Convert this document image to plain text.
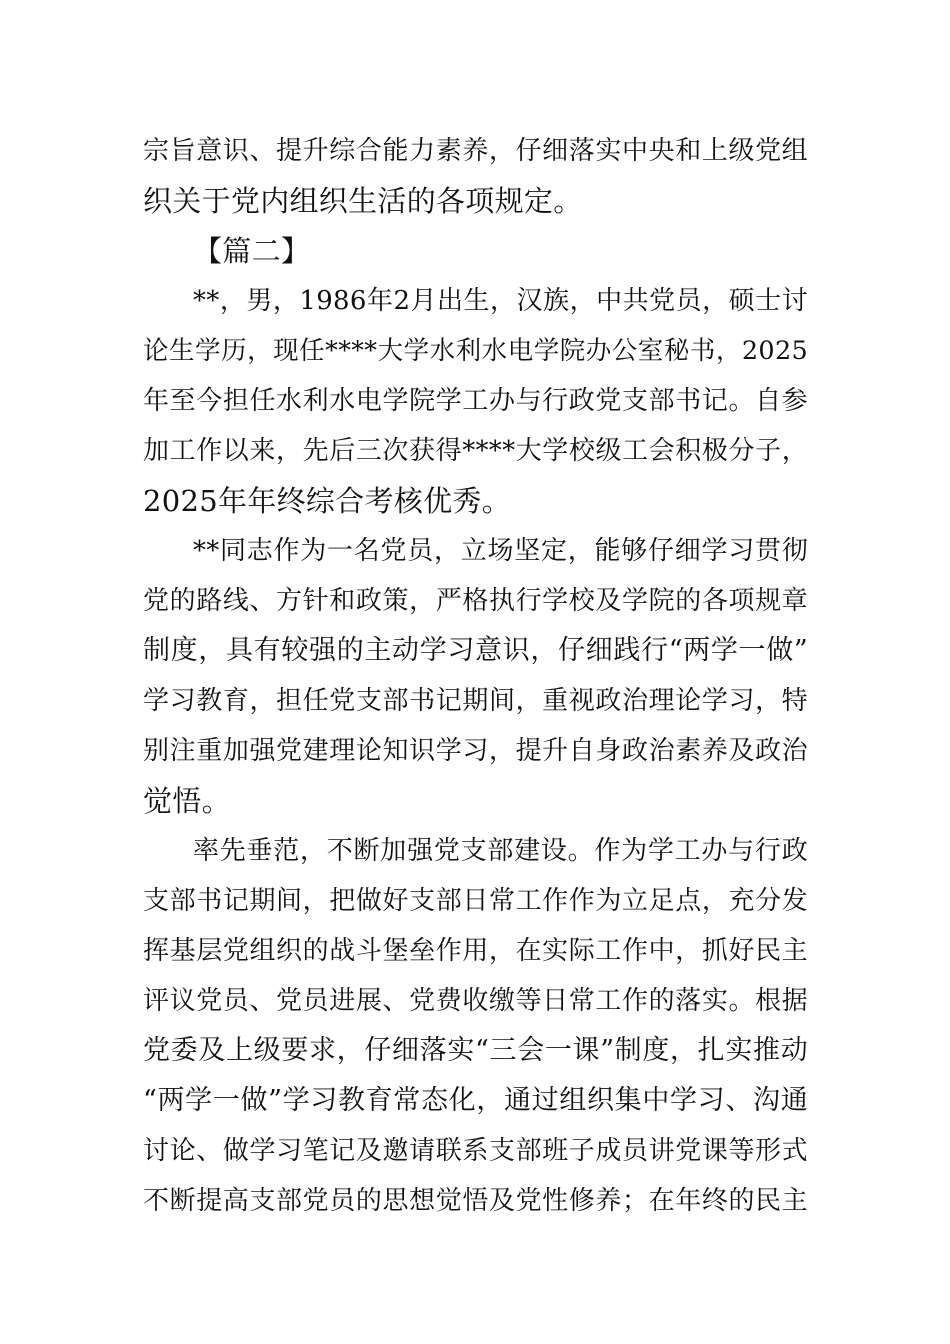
宗旨意识、提升综合能力素养，仔细落实中央和上级党组
织关于党内组织生活的各项规定。
【篇二】
**，男，1986年2月出生，汉族，中共党员，硕士讨
论生学历，现任****大学水利水电学院办公室秘书，2025
年至今担任水利水电学院学工办与行政党支部书记。自参
加工作以来，先后三次获得****大学校级工会积极分子，
2025年年终综合考核优秀。
**同志作为一名党员，立场坚定，能够仔细学习贯彻
党的路线、方针和政策，严格执行学校及学院的各项规章
制度，具有较强的主动学习意识，仔细践行“两学一做”
学习教育，担任党支部书记期间，重视政治理论学习，特
别注重加强党建理论知识学习，提升自身政治素养及政治
觉悟。
率先垂范，不断加强党支部建设。作为学工办与行政
支部书记期间，把做好支部日常工作作为立足点，充分发
挥基层党组织的战斗堡垒作用，在实际工作中，抓好民主
评议党员、党员进展、党费收缴等日常工作的落实。根据
党委及上级要求，仔细落实“三会一课”制度，扎实推动
“两学一做”学习教育常态化，通过组织集中学习、沟通
讨论、做学习笔记及邀请联系支部班子成员讲党课等形式
不断提高支部党员的思想觉悟及党性修养；在年终的民主
